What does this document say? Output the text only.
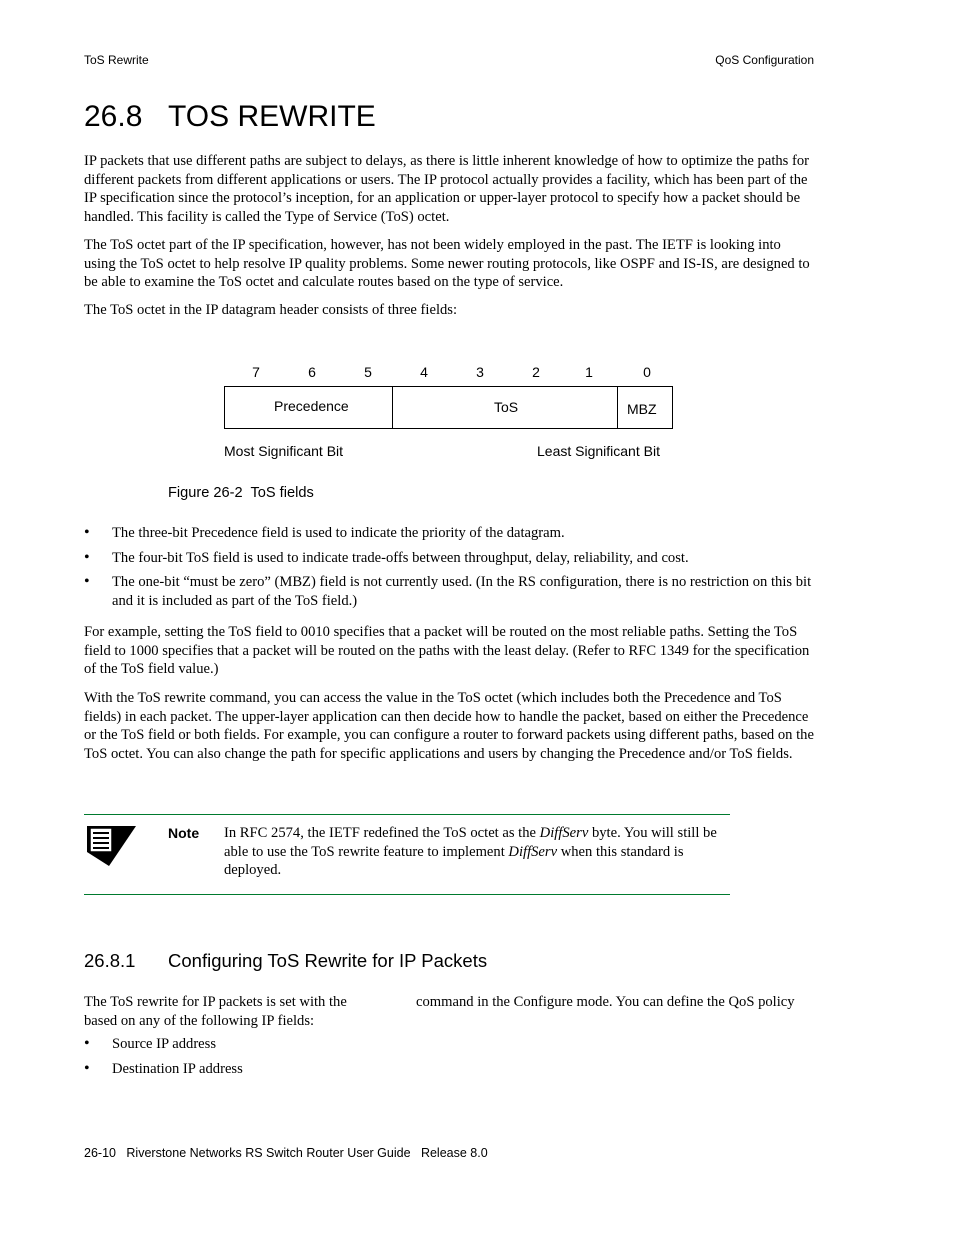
ToS Rewrite	QoS Configuration
26.8 TOS REWRITE

IP packets that use different paths are subject to delays, as there is little inherent knowledge of how to optimize the paths for different packets from different applications or users. The IP protocol actually provides a facility, which has been part of the IP specification since the protocol’s inception, for an application or upper-layer protocol to specify how a packet should be handled. This facility is called the Type of Service (ToS) octet.

The ToS octet part of the IP specification, however, has not been widely employed in the past. The IETF is looking into using the ToS octet to help resolve IP quality problems. Some newer routing protocols, like OSPF and IS-IS, are designed to be able to examine the ToS octet and calculate routes based on the type of service.

The ToS octet in the IP datagram header consists of three fields:

7	6	5	4	3	2	1	0
Precedence	ToS	MBZ
Most Significant Bit	Least Significant Bit
Figure 26-2  ToS fields
• The three-bit Precedence field is used to indicate the priority of the datagram.
• The four-bit ToS field is used to indicate trade-offs between throughput, delay, reliability, and cost.
• The one-bit “must be zero” (MBZ) field is not currently used. (In the RS configuration, there is no restriction on this bit and it is included as part of the ToS field.)

For example, setting the ToS field to 0010 specifies that a packet will be routed on the most reliable paths. Setting the ToS field to 1000 specifies that a packet will be routed on the paths with the least delay. (Refer to RFC 1349 for the specification of the ToS field value.)

With the ToS rewrite command, you can access the value in the ToS octet (which includes both the Precedence and ToS fields) in each packet. The upper-layer application can then decide how to handle the packet, based on either the Precedence or the ToS field or both fields. For example, you can configure a router to forward packets using different paths, based on the ToS octet. You can also change the path for specific applications and users by changing the Precedence and/or ToS fields.

Note In RFC 2574, the IETF redefined the ToS octet as the DiffServ byte. You will still be able to use the ToS rewrite feature to implement DiffServ when this standard is deployed.

26.8.1 Configuring ToS Rewrite for IP Packets
The ToS rewrite for IP packets is set with the	command in the Configure mode. You can define the QoS policy
based on any of the following IP fields:
• Source IP address
• Destination IP address
26-10 Riverstone Networks RS Switch Router User Guide   Release 8.0
